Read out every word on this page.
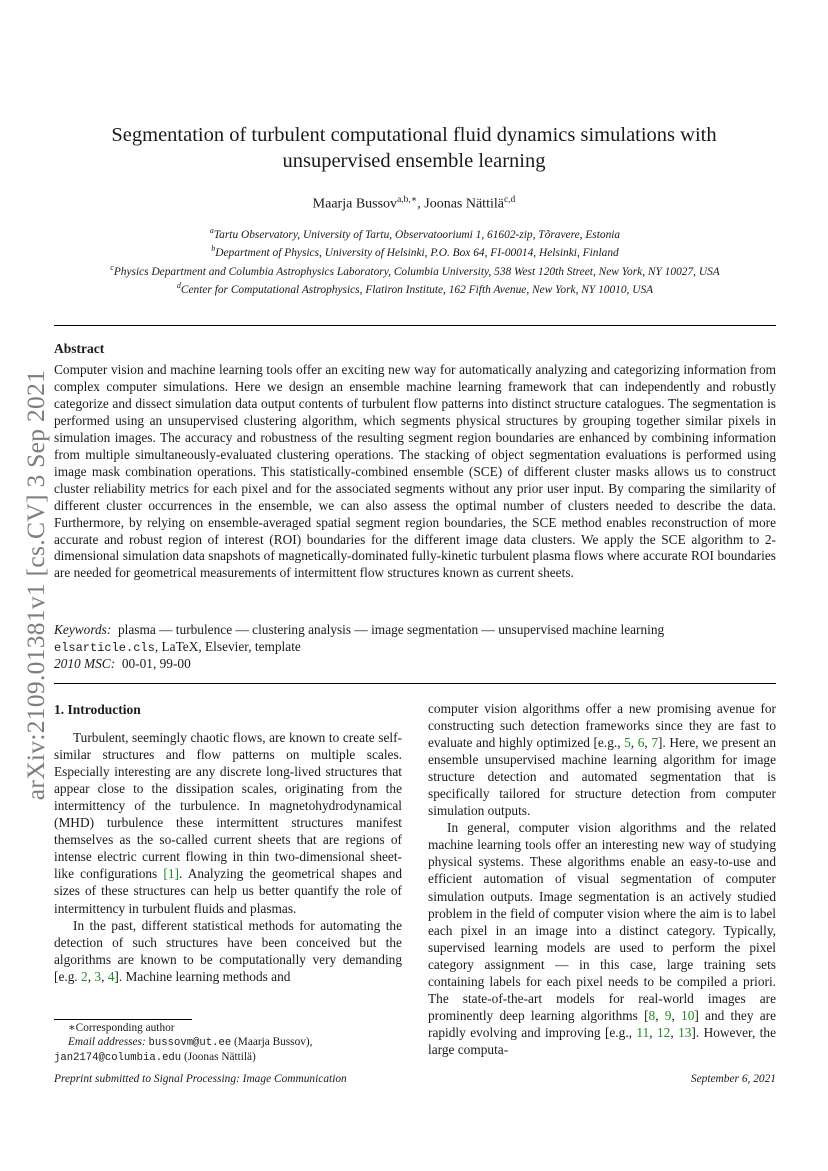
arXiv:2109.01381v1 [cs.CV] 3 Sep 2021
Segmentation of turbulent computational fluid dynamics simulations with
unsupervised ensemble learning
Maarja Bussov$^{a,b,∗}$, Joonas Nättilä$^{c,d}$
$^a$Tartu Observatory, University of Tartu, Observatooriumi 1, 61602-zip, Tõravere, Estonia
$^b$Department of Physics, University of Helsinki, P.O. Box 64, FI-00014, Helsinki, Finland
$^c$Physics Department and Columbia Astrophysics Laboratory, Columbia University, 538 West 120th Street, New York, NY 10027, USA
$^d$Center for Computational Astrophysics, Flatiron Institute, 162 Fifth Avenue, New York, NY 10010, USA
Abstract
Computer vision and machine learning tools offer an exciting new way for automatically analyzing and categorizing information from complex computer simulations. Here we design an ensemble machine learning framework that can independently and robustly categorize and dissect simulation data output contents of turbulent flow patterns into distinct structure catalogues. The segmentation is performed using an unsupervised clustering algorithm, which segments physical structures by grouping together similar pixels in simulation images. The accuracy and robustness of the resulting segment region boundaries are enhanced by combining information from multiple simultaneously-evaluated clustering operations. The stacking of object segmentation evaluations is performed using image mask combination operations. This statistically-combined ensemble (SCE) of different cluster masks allows us to construct cluster reliability metrics for each pixel and for the associated segments without any prior user input. By comparing the similarity of different cluster occurrences in the ensemble, we can also assess the optimal number of clusters needed to describe the data. Furthermore, by relying on ensemble-averaged spatial segment region boundaries, the SCE method enables reconstruction of more accurate and robust region of interest (ROI) boundaries for the different image data clusters. We apply the SCE algorithm to 2-dimensional simulation data snapshots of magnetically-dominated fully-kinetic turbulent plasma flows where accurate ROI boundaries are needed for geometrical measurements of intermittent flow structures known as current sheets.
Keywords: plasma — turbulence — clustering analysis — image segmentation — unsupervised machine learning
elsarticle.cls, LaTeX, Elsevier, template
2010 MSC: 00-01, 99-00
1. Introduction

Turbulent, seemingly chaotic flows, are known to create self-similar structures and flow patterns on multiple scales. Especially interesting are any discrete long-lived structures that appear close to the dissipation scales, originating from the intermittency of the turbulence. In magnetohydrodynamical (MHD) turbulence these intermittent structures manifest themselves as the so-called current sheets that are regions of intense electric current flowing in thin two-dimensional sheet-like configurations [1]. Analyzing the geometrical shapes and sizes of these structures can help us better quantify the role of intermittency in turbulent fluids and plasmas.

In the past, different statistical methods for automating the detection of such structures have been conceived but the algorithms are known to be computationally very demanding [e.g. 2, 3, 4]. Machine learning methods and

computer vision algorithms offer a new promising avenue for constructing such detection frameworks since they are fast to evaluate and highly optimized [e.g., 5, 6, 7]. Here, we present an ensemble unsupervised machine learning algorithm for image structure detection and automated segmentation that is specifically tailored for structure detection from computer simulation outputs.

In general, computer vision algorithms and the related machine learning tools offer an interesting new way of studying physical systems. These algorithms enable an easy-to-use and efficient automation of visual segmentation of computer simulation outputs. Image segmentation is an actively studied problem in the field of computer vision where the aim is to label each pixel in an image into a distinct category. Typically, supervised learning models are used to perform the pixel category assignment — in this case, large training sets containing labels for each pixel needs to be compiled a priori. The state-of-the-art models for real-world images are prominently deep learning algorithms [8, 9, 10] and they are rapidly evolving and improving [e.g., 11, 12, 13]. However, the large computa-

∗Corresponding author
Email addresses: bussovm@ut.ee (Maarja Bussov),
jan2174@columbia.edu (Joonas Nättilä)
Preprint submitted to Signal Processing: Image Communication	September 6, 2021
